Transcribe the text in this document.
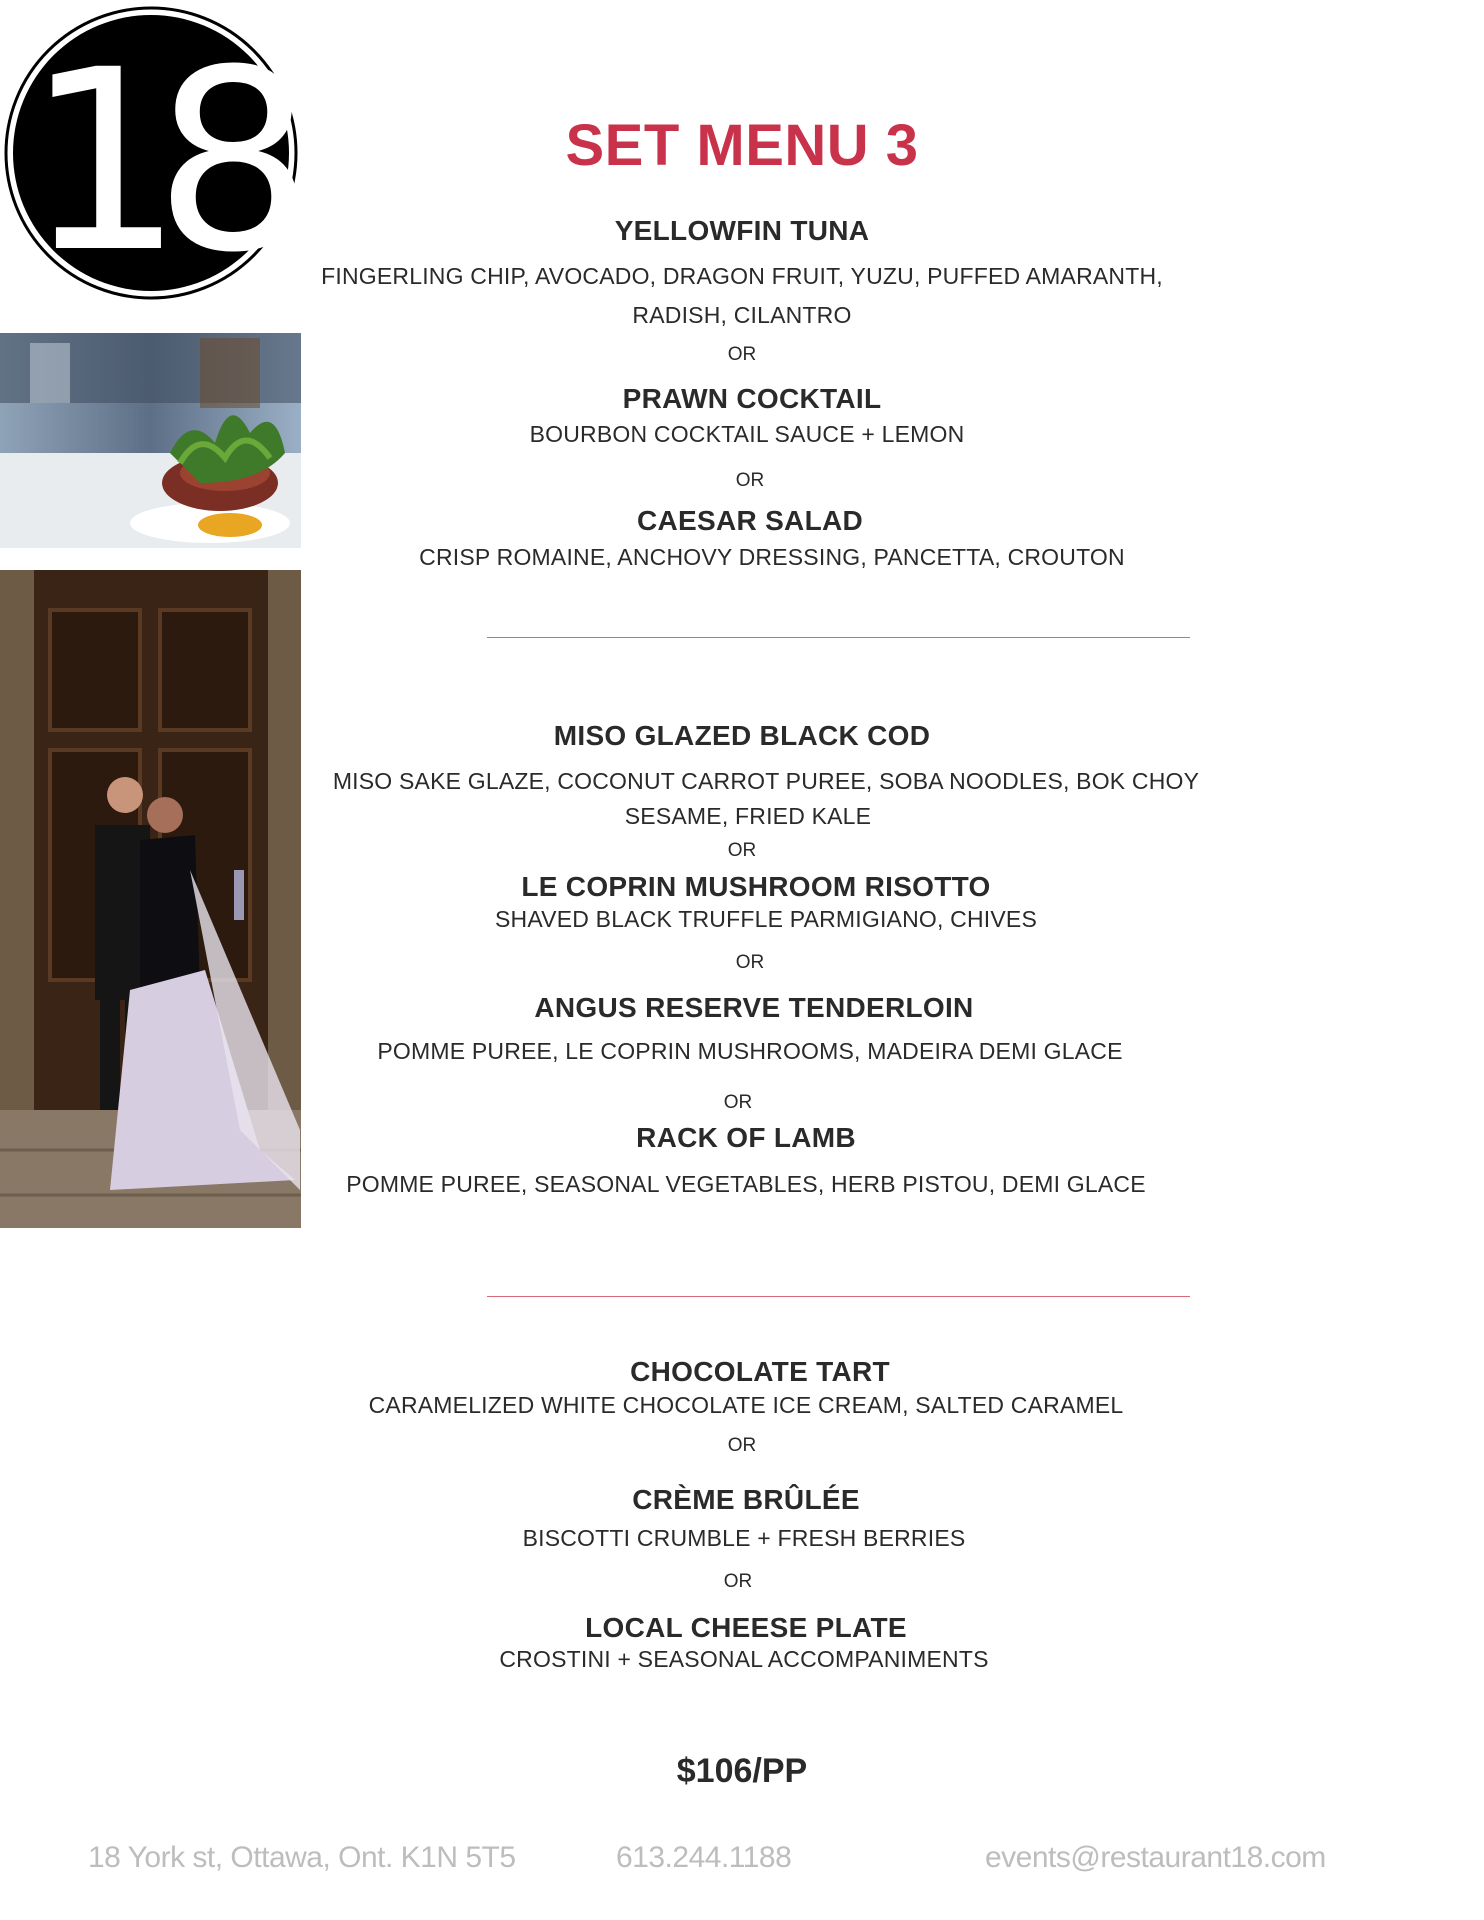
18	SET MENU 3
YELLOWFIN TUNA
FINGERLING CHIP, AVOCADO, DRAGON FRUIT, YUZU, PUFFED AMARANTH,
RADISH, CILANTRO
OR
PRAWN COCKTAIL
BOURBON COCKTAIL SAUCE + LEMON
OR
CAESAR SALAD
CRISP ROMAINE, ANCHOVY DRESSING, PANCETTA, CROUTON
MISO GLAZED BLACK COD
MISO SAKE GLAZE, COCONUT CARROT PUREE, SOBA NOODLES, BOK CHOY
SESAME, FRIED KALE
OR
LE COPRIN MUSHROOM RISOTTO
SHAVED BLACK TRUFFLE PARMIGIANO, CHIVES
OR
ANGUS RESERVE TENDERLOIN
POMME PUREE, LE COPRIN MUSHROOMS, MADEIRA DEMI GLACE
OR
RACK OF LAMB
POMME PUREE, SEASONAL VEGETABLES, HERB PISTOU, DEMI GLACE
CHOCOLATE TART
CARAMELIZED WHITE CHOCOLATE ICE CREAM, SALTED CARAMEL
OR
CRÈME BRÛLÉE
BISCOTTI CRUMBLE + FRESH BERRIES
OR
LOCAL CHEESE PLATE
CROSTINI + SEASONAL ACCOMPANIMENTS
$106/PP
18 York st, Ottawa, Ont. K1N 5T5	613.244.1188	events@restaurant18.com
